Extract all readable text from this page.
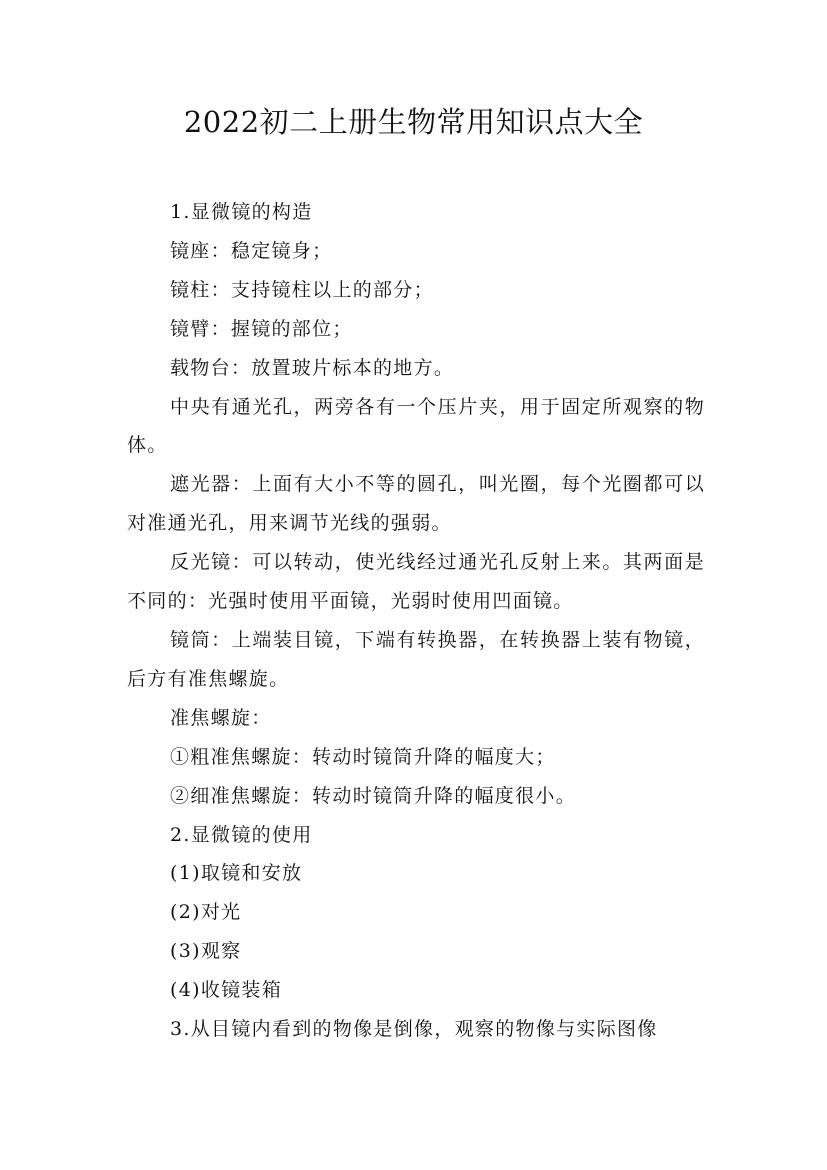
2022初二上册生物常用知识点大全

1.显微镜的构造

镜座：稳定镜身；

镜柱：支持镜柱以上的部分；

镜臂：握镜的部位；

载物台：放置玻片标本的地方。

中央有通光孔，两旁各有一个压片夹，用于固定所观察的物体。

遮光器：上面有大小不等的圆孔，叫光圈，每个光圈都可以对准通光孔，用来调节光线的强弱。

反光镜：可以转动，使光线经过通光孔反射上来。其两面是不同的：光强时使用平面镜，光弱时使用凹面镜。

镜筒：上端装目镜，下端有转换器，在转换器上装有物镜，后方有准焦螺旋。

准焦螺旋：

①粗准焦螺旋：转动时镜筒升降的幅度大；

②细准焦螺旋：转动时镜筒升降的幅度很小。

2.显微镜的使用

(1)取镜和安放

(2)对光

(3)观察

(4)收镜装箱

3.从目镜内看到的物像是倒像，观察的物像与实际图像
